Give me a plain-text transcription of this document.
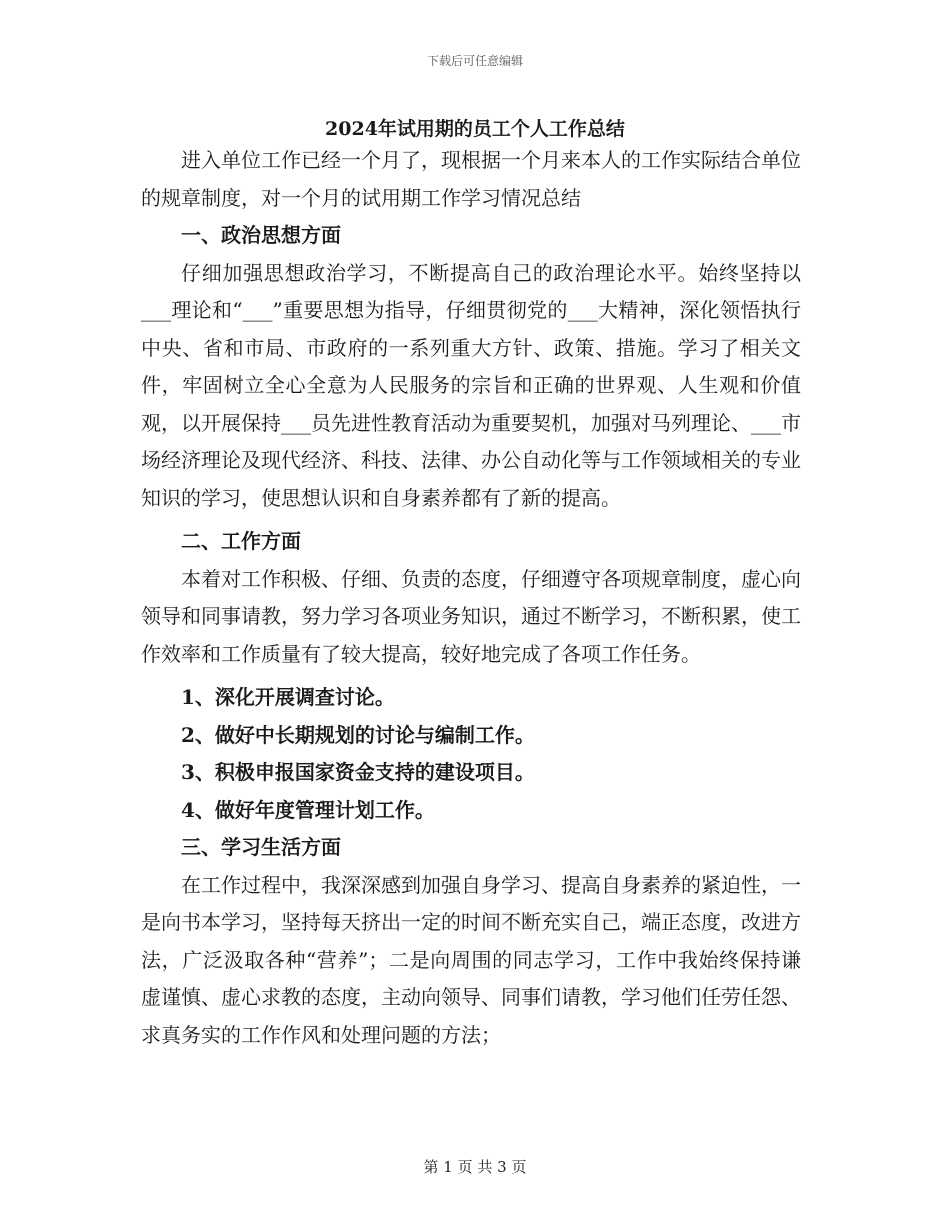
下载后可任意编辑
2024年试用期的员工个人工作总结

进入单位工作已经一个月了，现根据一个月来本人的工作实际结合单位的规章制度，对一个月的试用期工作学习情况总结

一、政治思想方面

仔细加强思想政治学习，不断提高自己的政治理论水平。始终坚持以___理论和“___”重要思想为指导，仔细贯彻党的___大精神，深化领悟执行中央、省和市局、市政府的一系列重大方针、政策、措施。学习了相关文件，牢固树立全心全意为人民服务的宗旨和正确的世界观、人生观和价值观，以开展保持___员先进性教育活动为重要契机，加强对马列理论、___市场经济理论及现代经济、科技、法律、办公自动化等与工作领域相关的专业知识的学习，使思想认识和自身素养都有了新的提高。

二、工作方面

本着对工作积极、仔细、负责的态度，仔细遵守各项规章制度，虚心向领导和同事请教，努力学习各项业务知识，通过不断学习，不断积累，使工作效率和工作质量有了较大提高，较好地完成了各项工作任务。

1、深化开展调查讨论。

2、做好中长期规划的讨论与编制工作。

3、积极申报国家资金支持的建设项目。

4、做好年度管理计划工作。

三、学习生活方面

在工作过程中，我深深感到加强自身学习、提高自身素养的紧迫性，一是向书本学习，坚持每天挤出一定的时间不断充实自己，端正态度，改进方法，广泛汲取各种“营养”；二是向周围的同志学习，工作中我始终保持谦虚谨慎、虚心求教的态度，主动向领导、同事们请教，学习他们任劳任怨、求真务实的工作作风和处理问题的方法；

第 1 页 共 3 页
